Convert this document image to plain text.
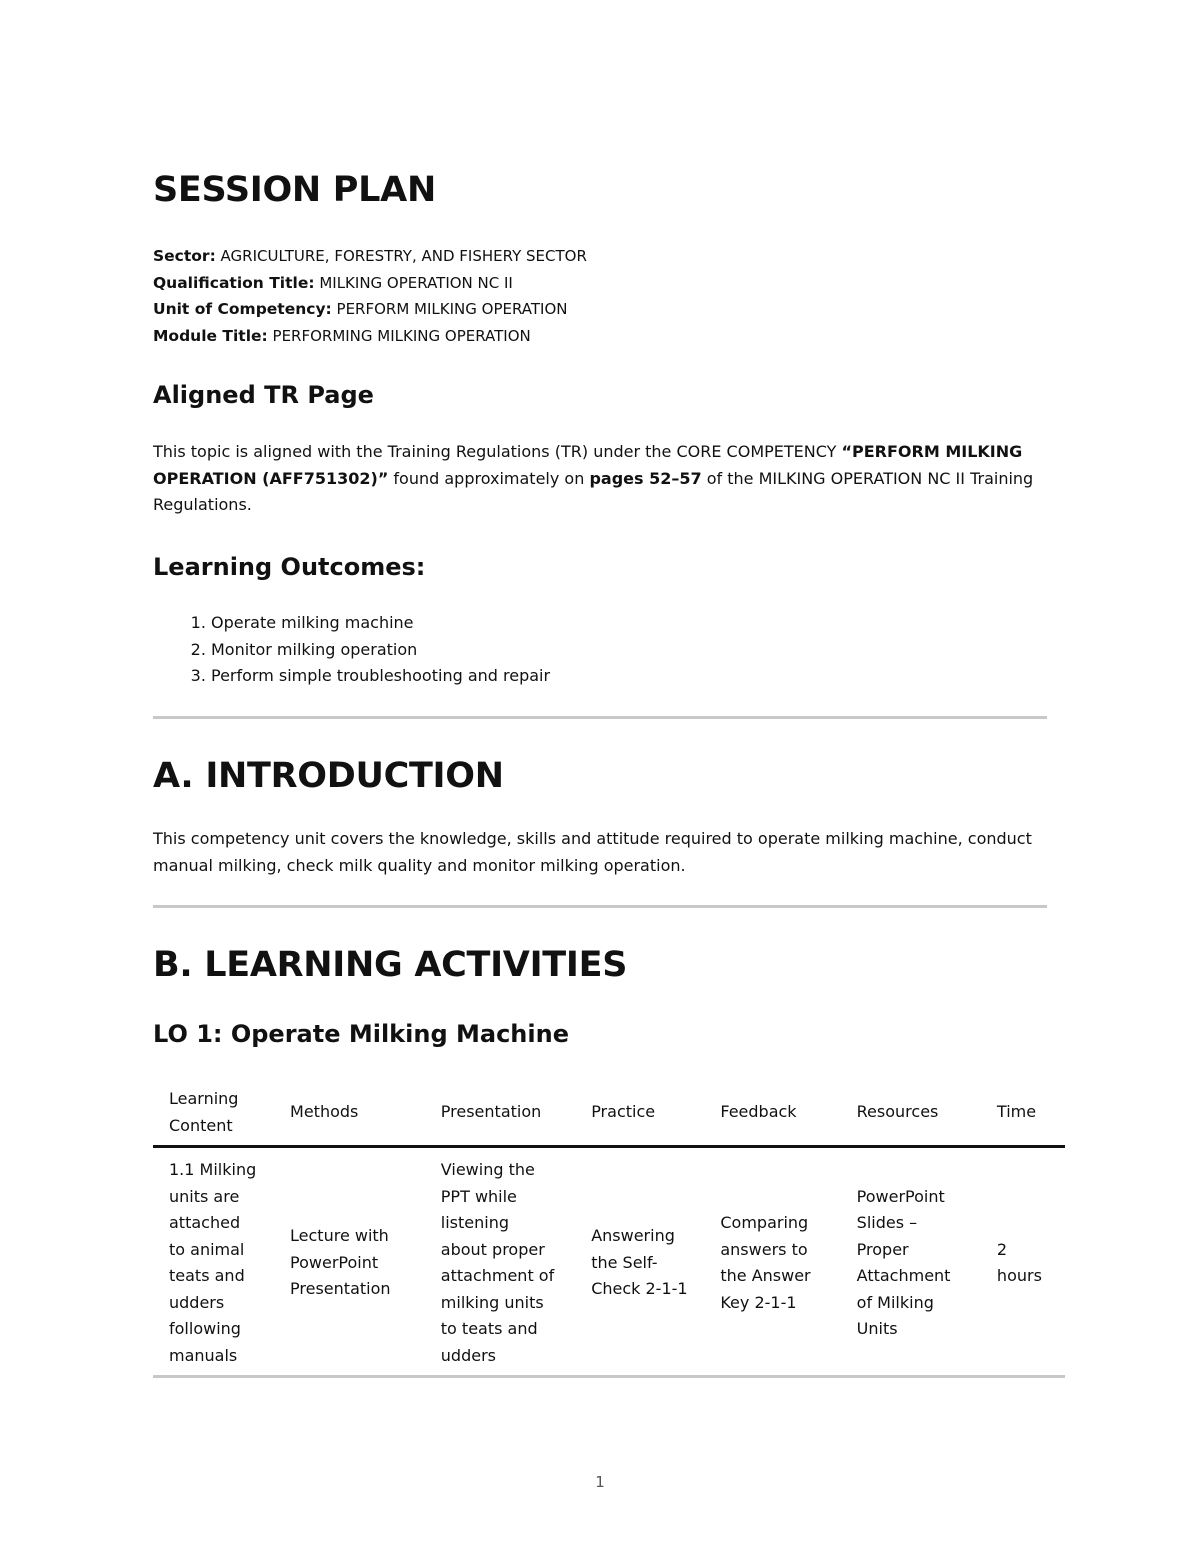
SESSION PLAN
Sector: AGRICULTURE, FORESTRY, AND FISHERY SECTOR
Qualification Title: MILKING OPERATION NC II
Unit of Competency: PERFORM MILKING OPERATION
Module Title: PERFORMING MILKING OPERATION
Aligned TR Page

This topic is aligned with the Training Regulations (TR) under the CORE COMPETENCY “PERFORM MILKING OPERATION (AFF751302)” found approximately on pages 52–57 of the MILKING OPERATION NC II Training Regulations.

Learning Outcomes:
1. Operate milking machine
2. Monitor milking operation
3. Perform simple troubleshooting and repair
A. INTRODUCTION

This competency unit covers the knowledge, skills and attitude required to operate milking machine, conduct manual milking, check milk quality and monitor milking operation.

B. LEARNING ACTIVITIES
LO 1: Operate Milking Machine
Learning Content	Methods	Presentation	Practice	Feedback	Resources	Time
1.1 Milking units are attached to animal teats and udders following manuals	Lecture with PowerPoint Presentation	Viewing the PPT while listening about proper attachment of milking units to teats and udders	Answering the Self-Check 2-1-1	Comparing answers to the Answer Key 2-1-1	PowerPoint Slides – Proper Attachment of Milking Units	2 hours
1
